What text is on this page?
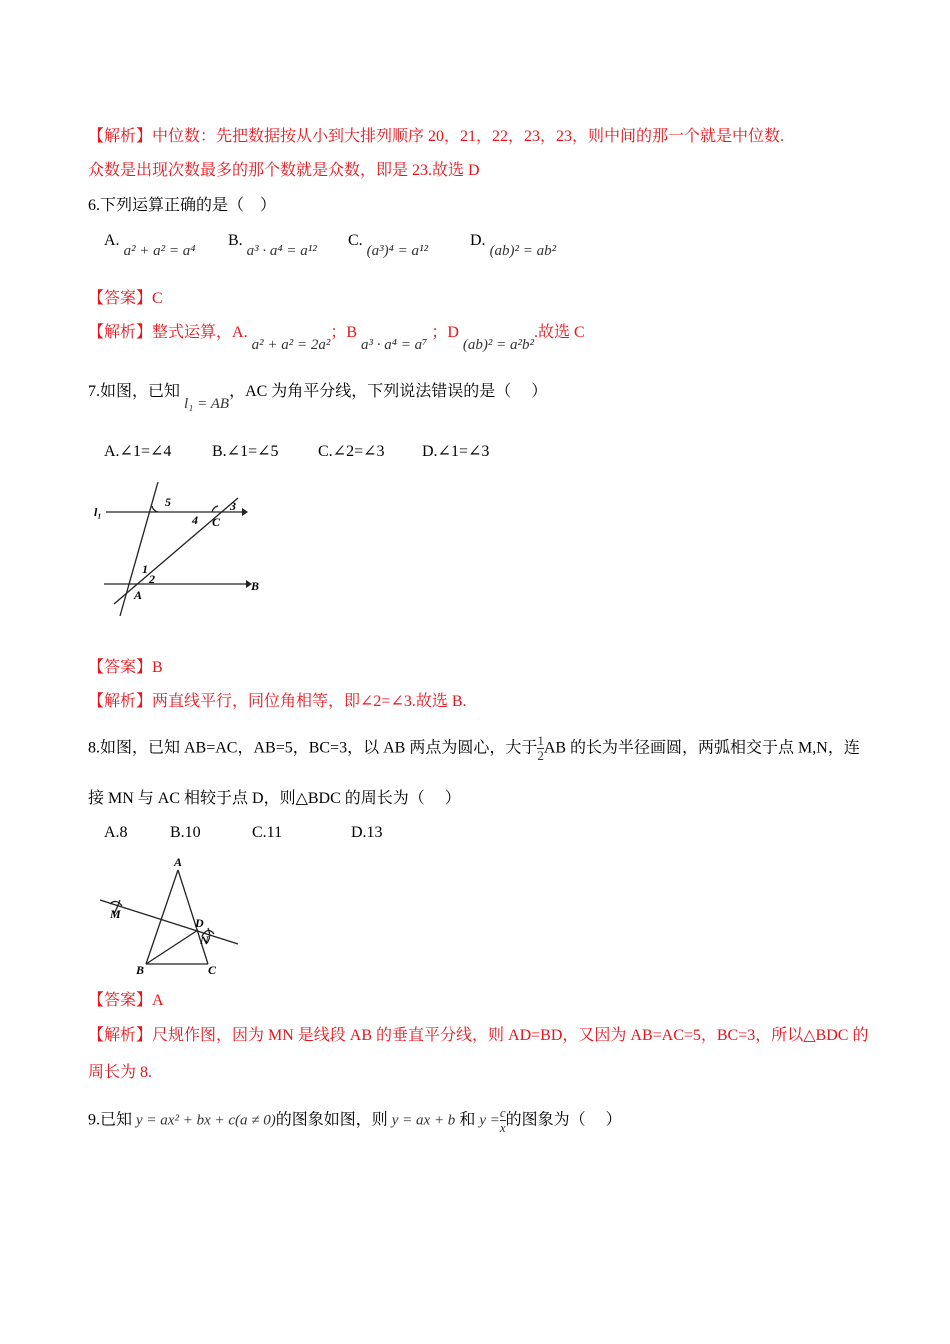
【解析】中位数：先把数据按从小到大排列顺序 20，21，22，23，23，则中间的那一个就是中位数.
众数是出现次数最多的那个数就是众数，即是 23.故选 D
6.下列运算正确的是（　）
A. a² + a² = a⁴
B. a³ · a⁴ = a¹²
C. (a³)⁴ = a¹²
D. (ab)² = ab²
【答案】C
【解析】整式运算，A. a² + a² = 2a²；B a³ · a⁴ = a⁷ ；D (ab)² = a²b².故选 C
7.如图，已知 l₁ = AB，AC 为角平分线，下列说法错误的是（　 ）
A.∠1=∠4	B.∠1=∠5 C.∠2=∠3 D.∠1=∠3
l₁
5	3
4 C
1
2
A
B
【答案】B
【解析】两直线平行，同位角相等，即∠2=∠3.故选 B.
8.如图，已知 AB=AC，AB=5，BC=3，以 AB 两点为圆心，大于$\frac{1}{2}$ AB 的长为半径画圆，两弧相交于点 M,N，连
接 MN 与 AC 相较于点 D，则△BDC 的周长为（　 ）
A.8	B.10	C.11	D.13
A
M
D
N
B	C
【答案】A
【解析】尺规作图，因为 MN 是线段 AB 的垂直平分线，则 AD=BD，又因为 AB=AC=5，BC=3，所以△BDC 的
周长为 8.
9.已知 y = ax² + bx + c(a ≠ 0)的图象如图，则 y = ax + b 和 $y =\frac{c}{x}$ 的图象为（　 ）
